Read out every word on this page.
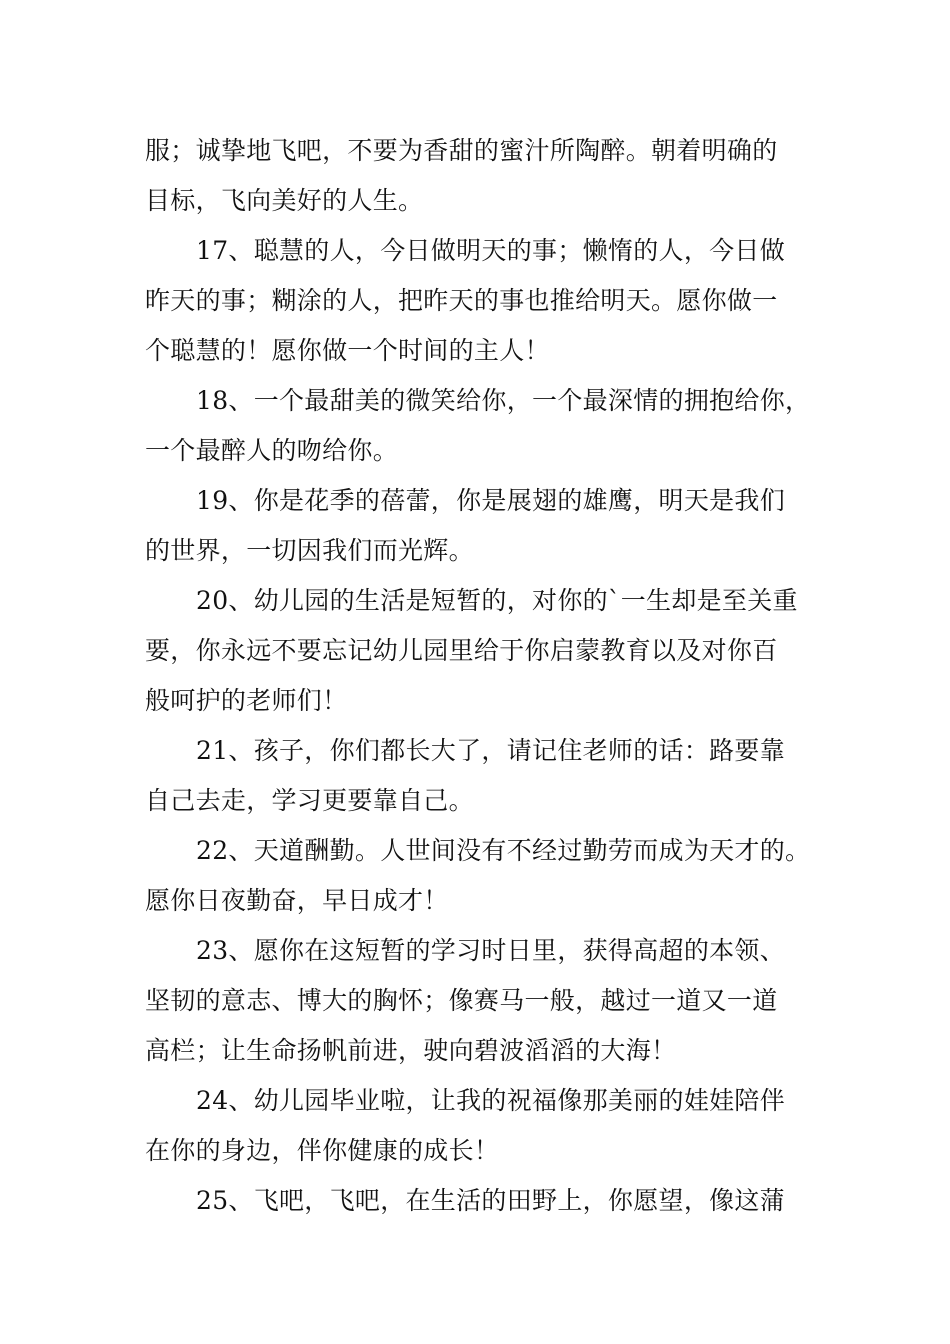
服；诚挚地飞吧，不要为香甜的蜜汁所陶醉。朝着明确的
目标，飞向美好的人生。
17、聪慧的人，今日做明天的事；懒惰的人，今日做
昨天的事；糊涂的人，把昨天的事也推给明天。愿你做一
个聪慧的！愿你做一个时间的主人！
18、一个最甜美的微笑给你，一个最深情的拥抱给你，
一个最醉人的吻给你。
19、你是花季的蓓蕾，你是展翅的雄鹰，明天是我们
的世界，一切因我们而光辉。
20、幼儿园的生活是短暂的，对你的`一生却是至关重
要，你永远不要忘记幼儿园里给于你启蒙教育以及对你百
般呵护的老师们！
21、孩子，你们都长大了，请记住老师的话：路要靠
自己去走，学习更要靠自己。
22、天道酬勤。人世间没有不经过勤劳而成为天才的。
愿你日夜勤奋，早日成才！
23、愿你在这短暂的学习时日里，获得高超的本领、
坚韧的意志、博大的胸怀；像赛马一般，越过一道又一道
高栏；让生命扬帆前进，驶向碧波滔滔的大海！
24、幼儿园毕业啦，让我的祝福像那美丽的娃娃陪伴
在你的身边，伴你健康的成长！
25、飞吧，飞吧，在生活的田野上，你愿望，像这蒲
